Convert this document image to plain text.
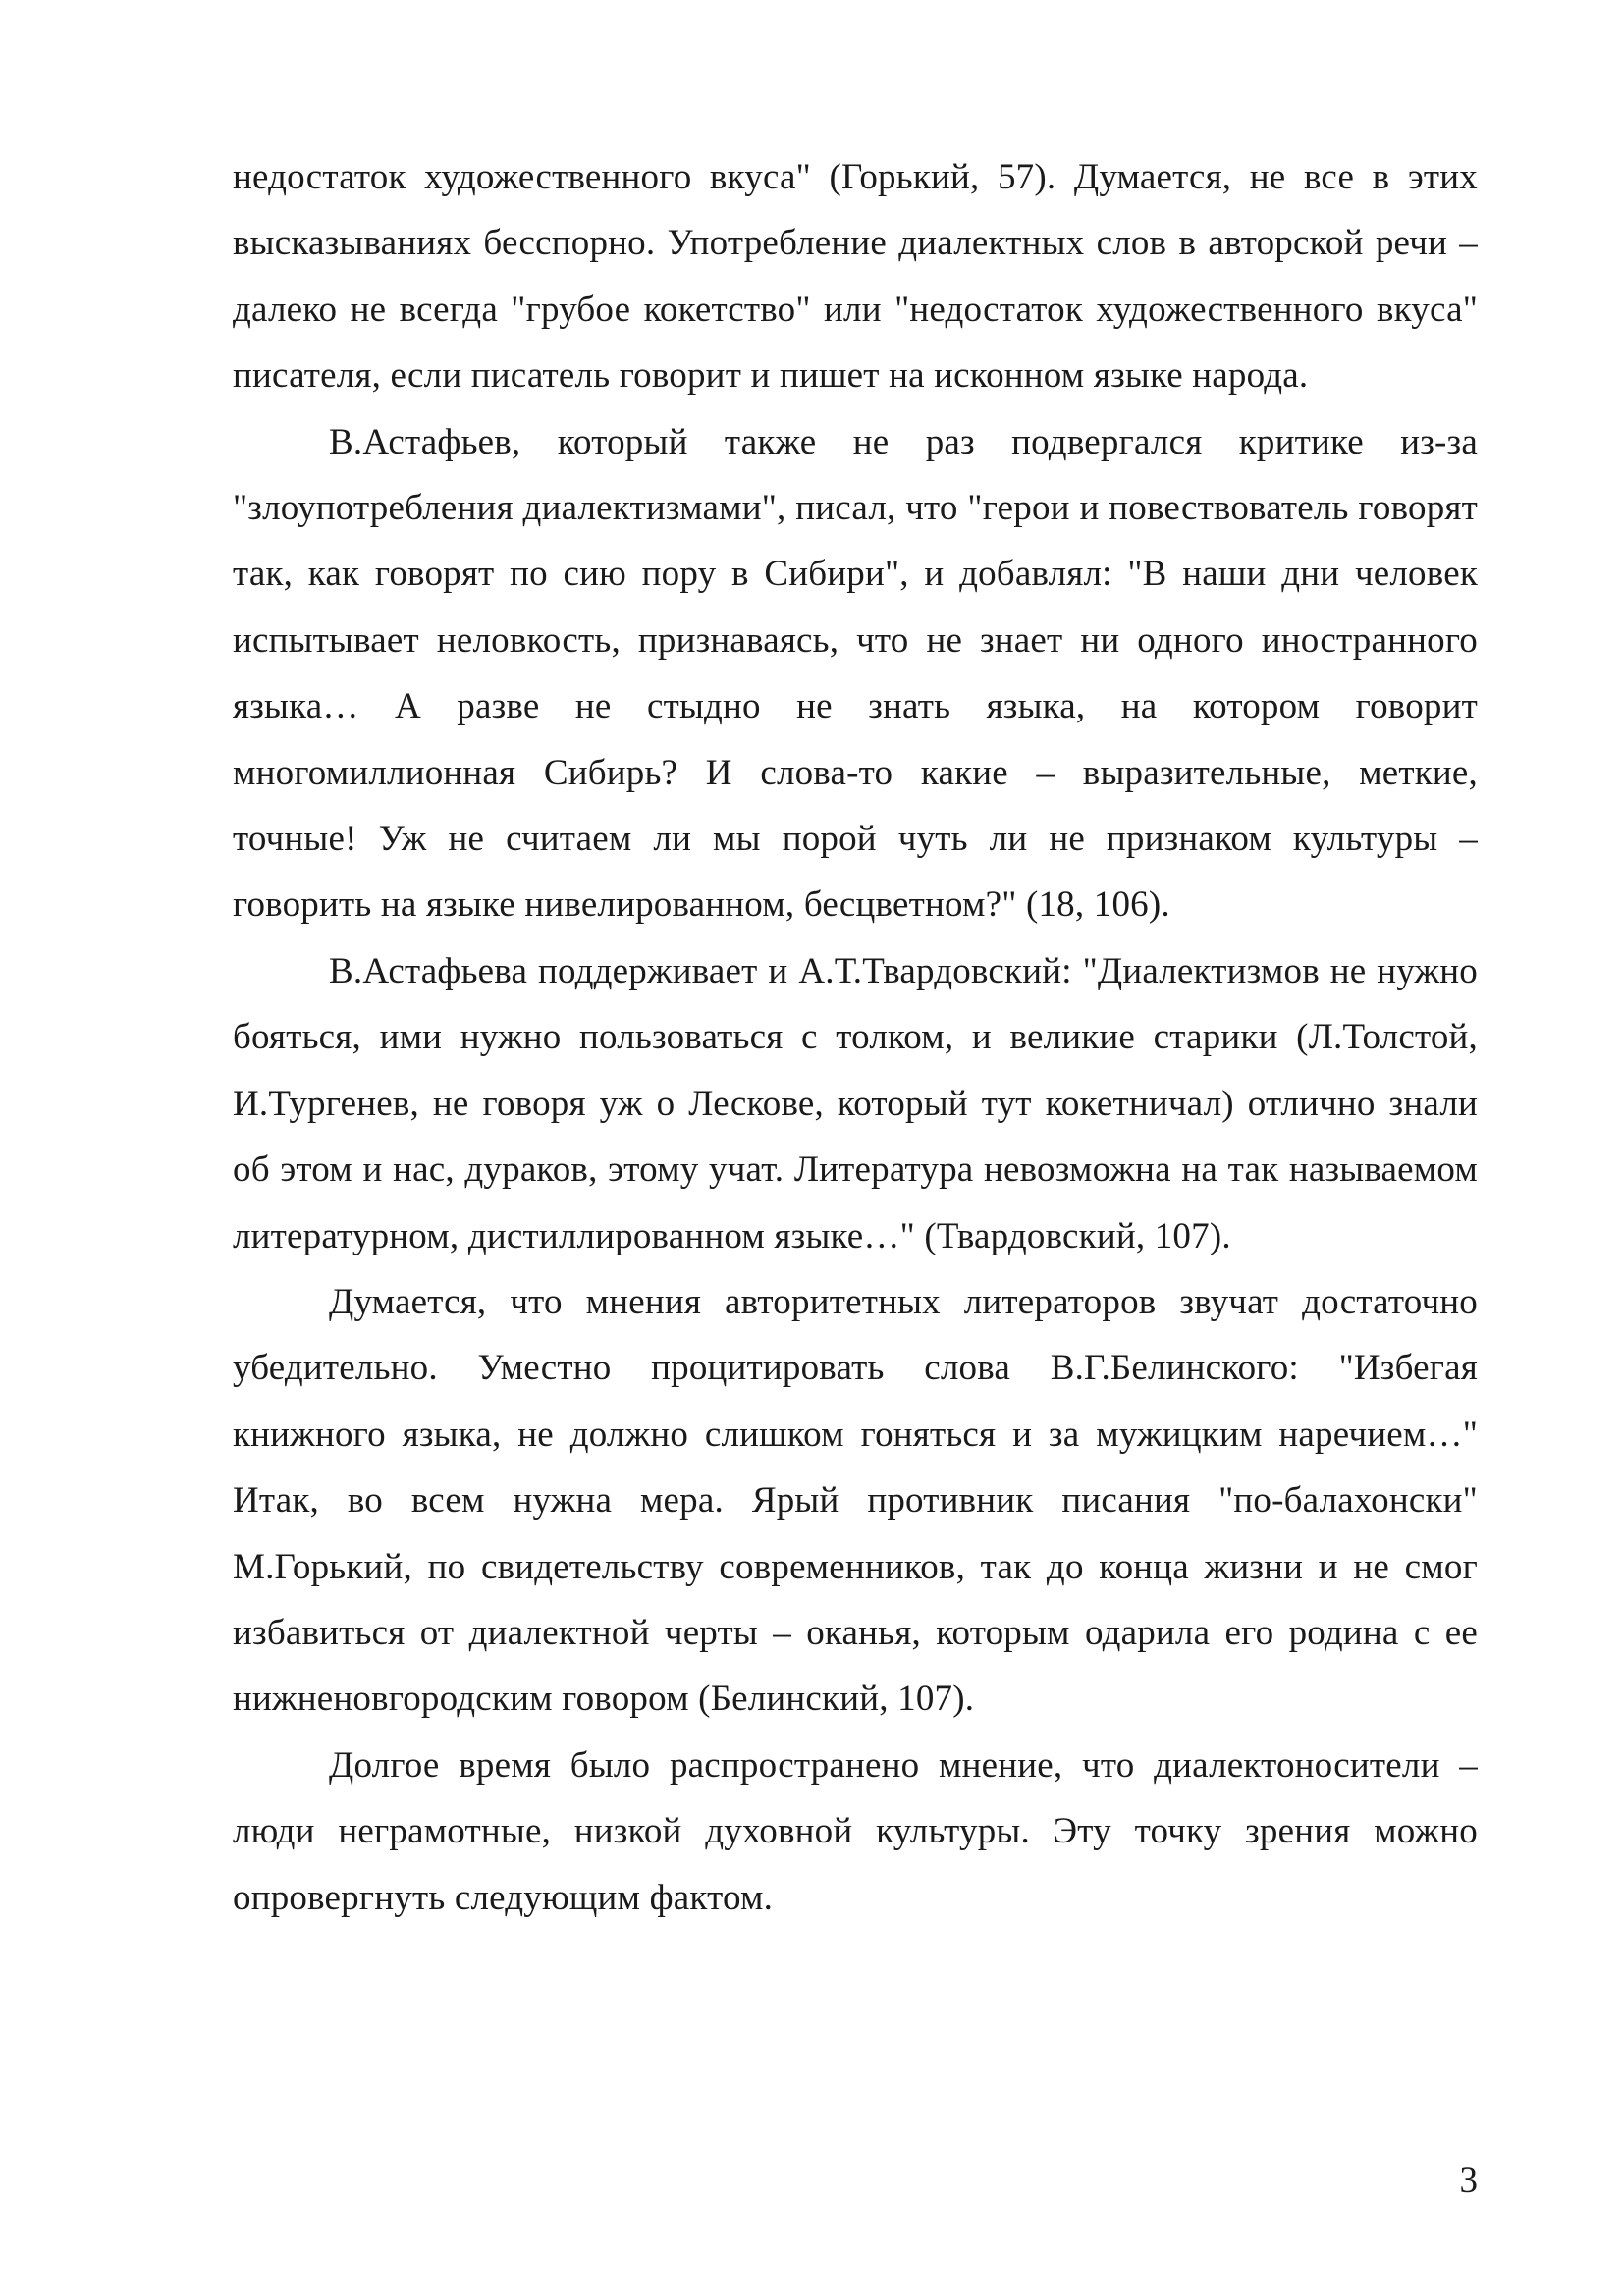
недостаток художественного вкуса" (Горький, 57). Думается, не все в этих высказываниях бесспорно. Употребление диалектных слов в авторской речи – далеко не всегда "грубое кокетство" или "недостаток художественного вкуса" писателя, если писатель говорит и пишет на исконном языке народа.

В.Астафьев, который также не раз подвергался критике из-за "злоупотребления диалектизмами", писал, что "герои и повествователь говорят так, как говорят по сию пору в Сибири", и добавлял: "В наши дни человек испытывает неловкость, признаваясь, что не знает ни одного иностранного языка… А разве не стыдно не знать языка, на котором говорит многомиллионная Сибирь? И слова-то какие – выразительные, меткие, точные! Уж не считаем ли мы порой чуть ли не признаком культуры – говорить на языке нивелированном, бесцветном?" (18, 106).

В.Астафьева поддерживает и А.Т.Твардовский: "Диалектизмов не нужно бояться, ими нужно пользоваться с толком, и великие старики (Л.Толстой, И.Тургенев, не говоря уж о Лескове, который тут кокетничал) отлично знали об этом и нас, дураков, этому учат. Литература невозможна на так называемом литературном, дистиллированном языке…" (Твардовский, 107).

Думается, что мнения авторитетных литераторов звучат достаточно убедительно. Уместно процитировать слова В.Г.Белинского: "Избегая книжного языка, не должно слишком гоняться и за мужицким наречием…" Итак, во всем нужна мера. Ярый противник писания "по-балахонски" М.Горький, по свидетельству современников, так до конца жизни и не смог избавиться от диалектной черты – оканья, которым одарила его родина с ее нижненовгородским говором (Белинский, 107).

Долгое время было распространено мнение, что диалектоносители – люди неграмотные, низкой духовной культуры. Эту точку зрения можно опровергнуть следующим фактом.

3
